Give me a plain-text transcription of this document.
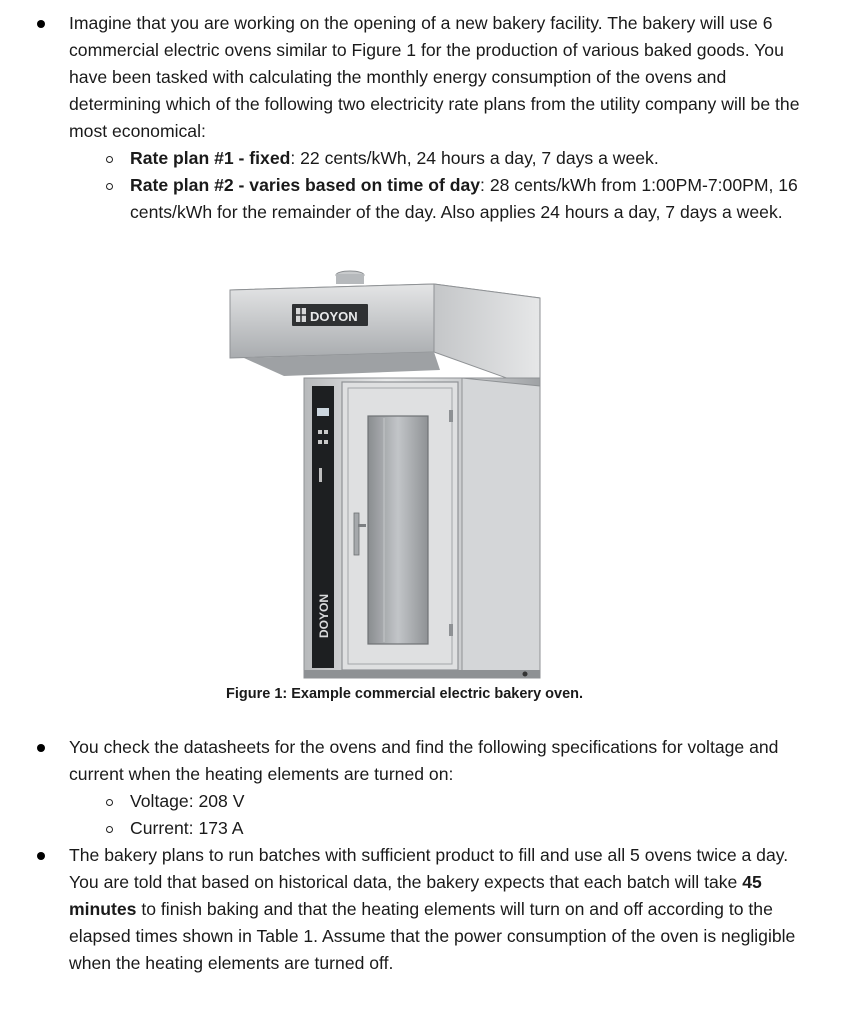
Imagine that you are working on the opening of a new bakery facility. The bakery will use 6 commercial electric ovens similar to Figure 1 for the production of various baked goods. You have been tasked with calculating the monthly energy consumption of the ovens and determining which of the following two electricity rate plans from the utility company will be the most economical:

Rate plan #1 - fixed: 22 cents/kWh, 24 hours a day, 7 days a week.
Rate plan #2 - varies based on time of day: 28 cents/kWh from 1:00PM-7:00PM, 16 cents/kWh for the remainder of the day. Also applies 24 hours a day, 7 days a week.
DOYON
DOYON
Figure 1: Example commercial electric bakery oven.

You check the datasheets for the ovens and find the following specifications for voltage and current when the heating elements are turned on:

Voltage: 208 V
Current: 173 A

The bakery plans to run batches with sufficient product to fill and use all 5 ovens twice a day. You are told that based on historical data, the bakery expects that each batch will take 45 minutes to finish baking and that the heating elements will turn on and off according to the elapsed times shown in Table 1. Assume that the power consumption of the oven is negligible when the heating elements are turned off.
